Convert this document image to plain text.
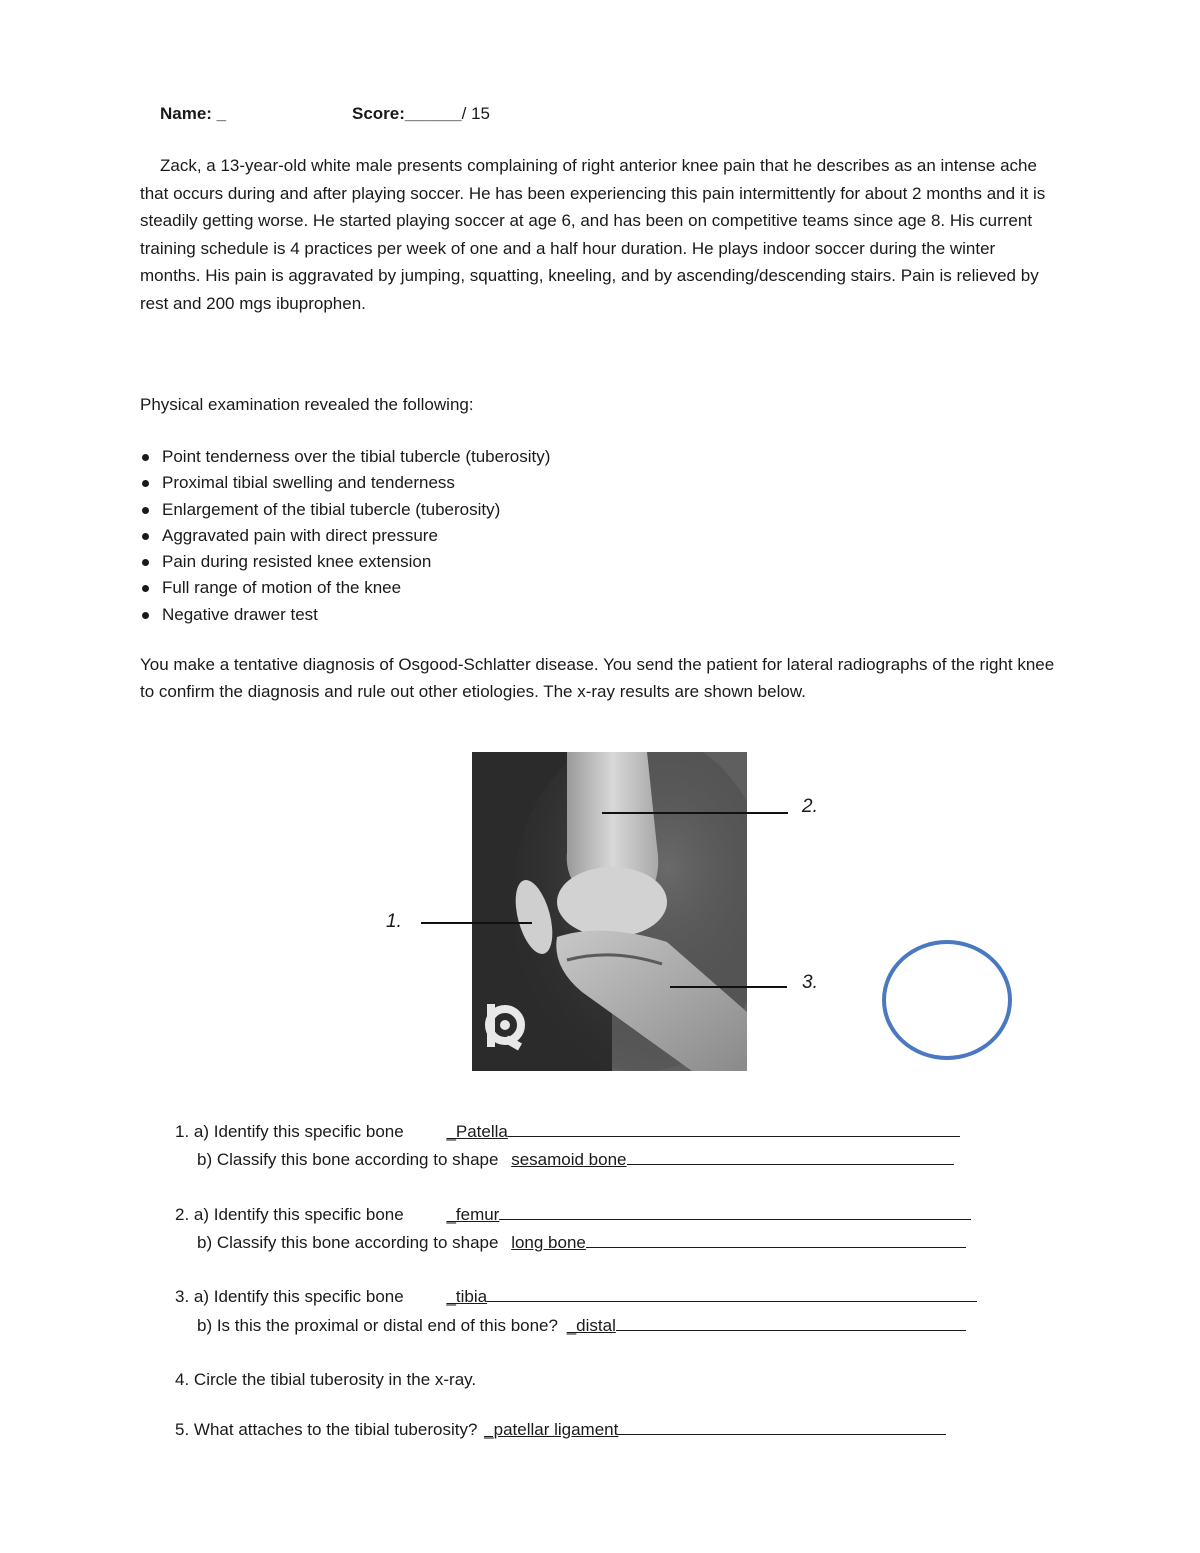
Name: _	Score:______/ 15

Zack, a 13-year-old white male presents complaining of right anterior knee pain that he describes as an intense ache that occurs during and after playing soccer. He has been experiencing this pain intermittently for about 2 months and it is steadily getting worse. He started playing soccer at age 6, and has been on competitive teams since age 8. His current training schedule is 4 practices per week of one and a half hour duration. He plays indoor soccer during the winter months. His pain is aggravated by jumping, squatting, kneeling, and by ascending/descending stairs. Pain is relieved by rest and 200 mgs ibuprophen.

Physical examination revealed the following:
Point tenderness over the tibial tubercle (tuberosity)
Proximal tibial swelling and tenderness
Enlargement of the tibial tubercle (tuberosity)
Aggravated pain with direct pressure
Pain during resisted knee extension
Full range of motion of the knee
Negative drawer test

You make a tentative diagnosis of Osgood-Schlatter disease. You send the patient for lateral radiographs of the right knee to confirm the diagnosis and rule out other etiologies. The x-ray results are shown below.

2.
1.
3.
1. a) Identify this specific bone	_Patella
b) Classify this bone according to shape sesamoid bone
2. a) Identify this specific bone	_femur
b) Classify this bone according to shape long bone
3. a) Identify this specific bone	_tibia
b) Is this the proximal or distal end of this bone? _distal
4. Circle the tibial tuberosity in the x-ray.
5. What attaches to the tibial tuberosity? _patellar ligament
